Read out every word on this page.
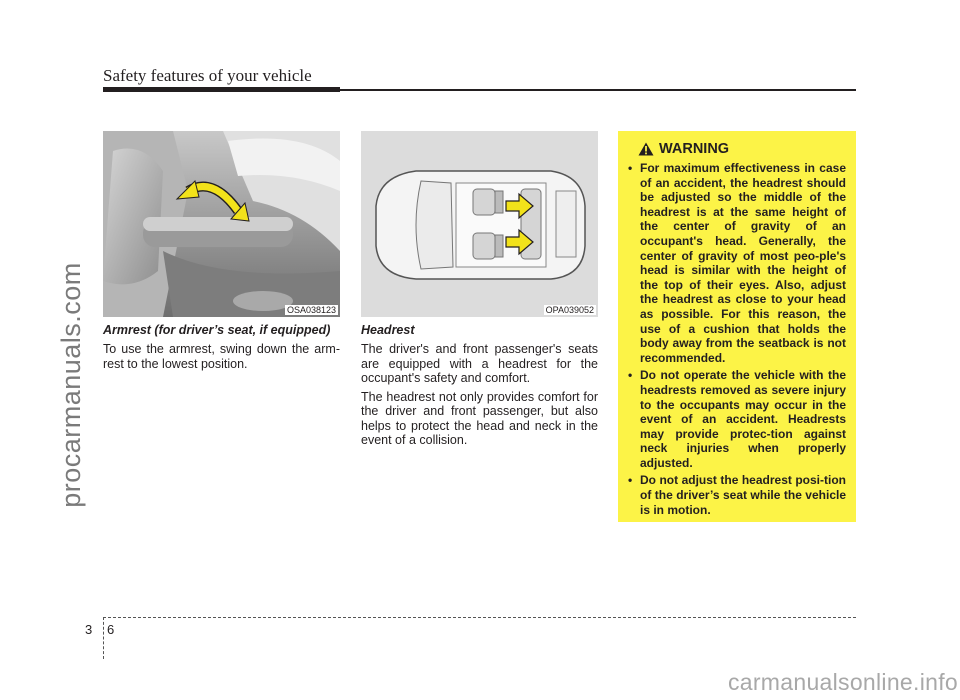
Safety features of your vehicle
procarmanuals.com	OSA038123	OPA039052
Armrest (for driver’s seat, if equipped)

To use the armrest, swing down the arm-rest to the lowest position.

Headrest

The driver's and front passenger's seats are equipped with a headrest for the occupant's safety and comfort.

The headrest not only provides comfort for the driver and front passenger, but also helps to protect the head and neck in the event of a collision.

WARNING
• For maximum effectiveness in case of an accident, the headrest should be adjusted so the middle of the headrest is at the same height of the center of gravity of an occupant's head. Generally, the center of gravity of most peo-ple's head is similar with the height of the top of their eyes. Also, adjust the headrest as close to your head as possible. For this reason, the use of a cushion that holds the body away from the seatback is not recommended.
• Do not operate the vehicle with the headrests removed as severe injury to the occupants may occur in the event of an accident. Headrests may provide protec-tion against neck injuries when properly adjusted.
• Do not adjust the headrest posi-tion of the driver’s seat while the vehicle is in motion.
3 6
carmanualsonline.info
